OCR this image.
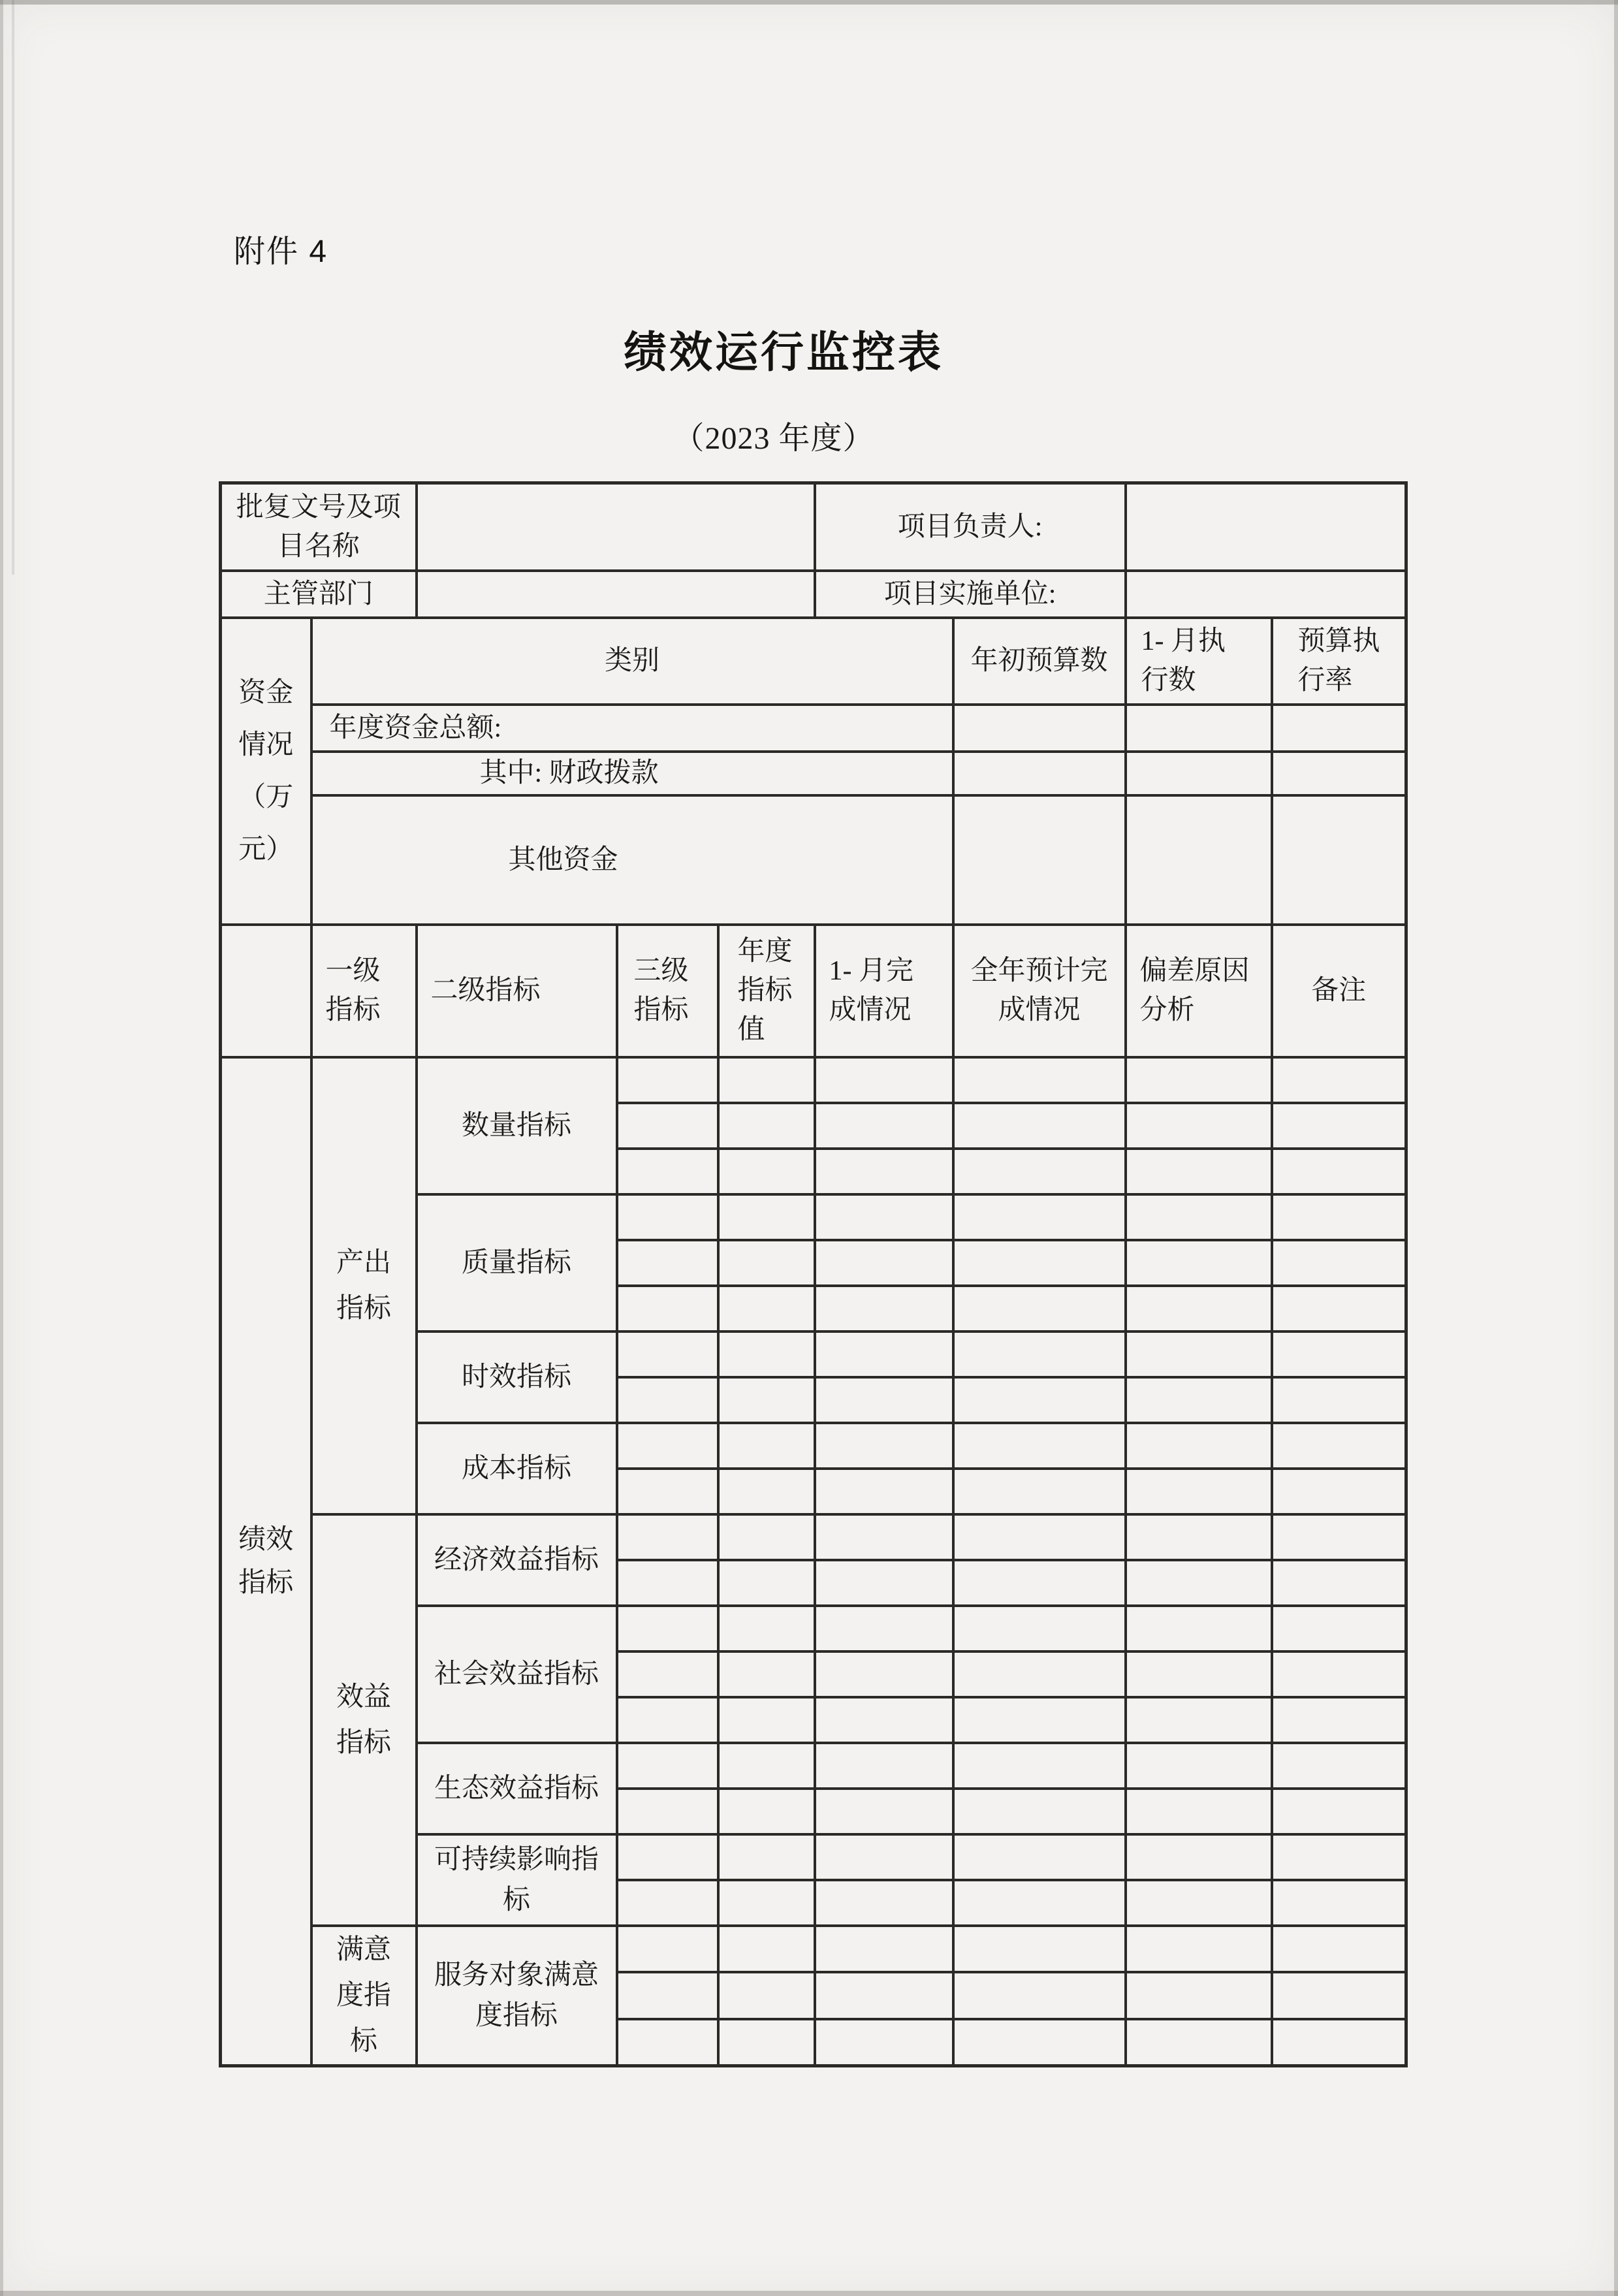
附件 4
绩效运行监控表
（2023 年度）
批复文号及项目名称					项目负责人:			
主管部门					项目实施单位:			
资金情况（万元）	类别					年初预算数	1- 月执行数	预算执行率
	年度资金总额:							
	其中: 财政拨款							
	其他资金							
	一级指标	二级指标	三级指标	年度指标值	1- 月完成情况	全年预计完成情况	偏差原因分析	备注
绩效指标	产出指标	数量指标						

		质量指标						

		时效指标						

		成本指标						

	效益指标	经济效益指标						

		社会效益指标						

		生态效益指标						

		可持续影响指标						

	满意度指标	服务对象满意度指标						
